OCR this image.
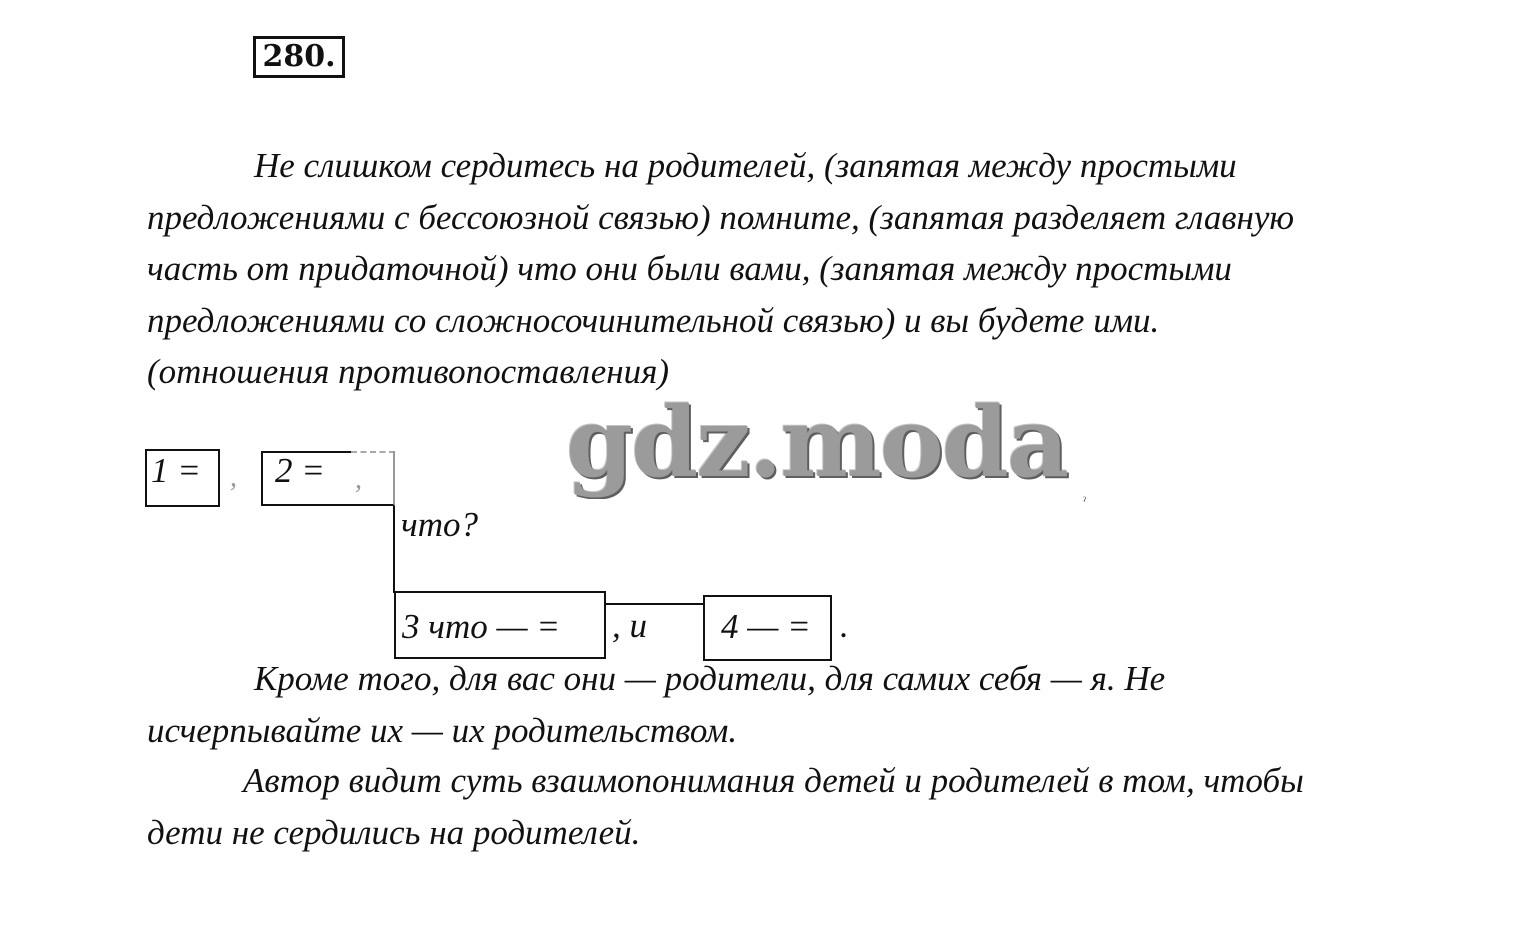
280.
Не слишком сердитесь на родителей, (запятая между простыми
предложениями с бессоюзной связью) помните, (запятая разделяет главную
часть от придаточной) что они были вами, (запятая между простыми
предложениями со сложносочинительной связью) и вы будете ими.
(отношения противопоставления)
gdz.moda
1 =	,	2 =	,
что?
3 что — =	, и	4 — = .
ˀ
Кроме того, для вас они — родители, для самих себя — я. Не
исчерпывайте их — их родительством.
Автор видит суть взаимопонимания детей и родителей в том, чтобы
дети не сердились на родителей.
